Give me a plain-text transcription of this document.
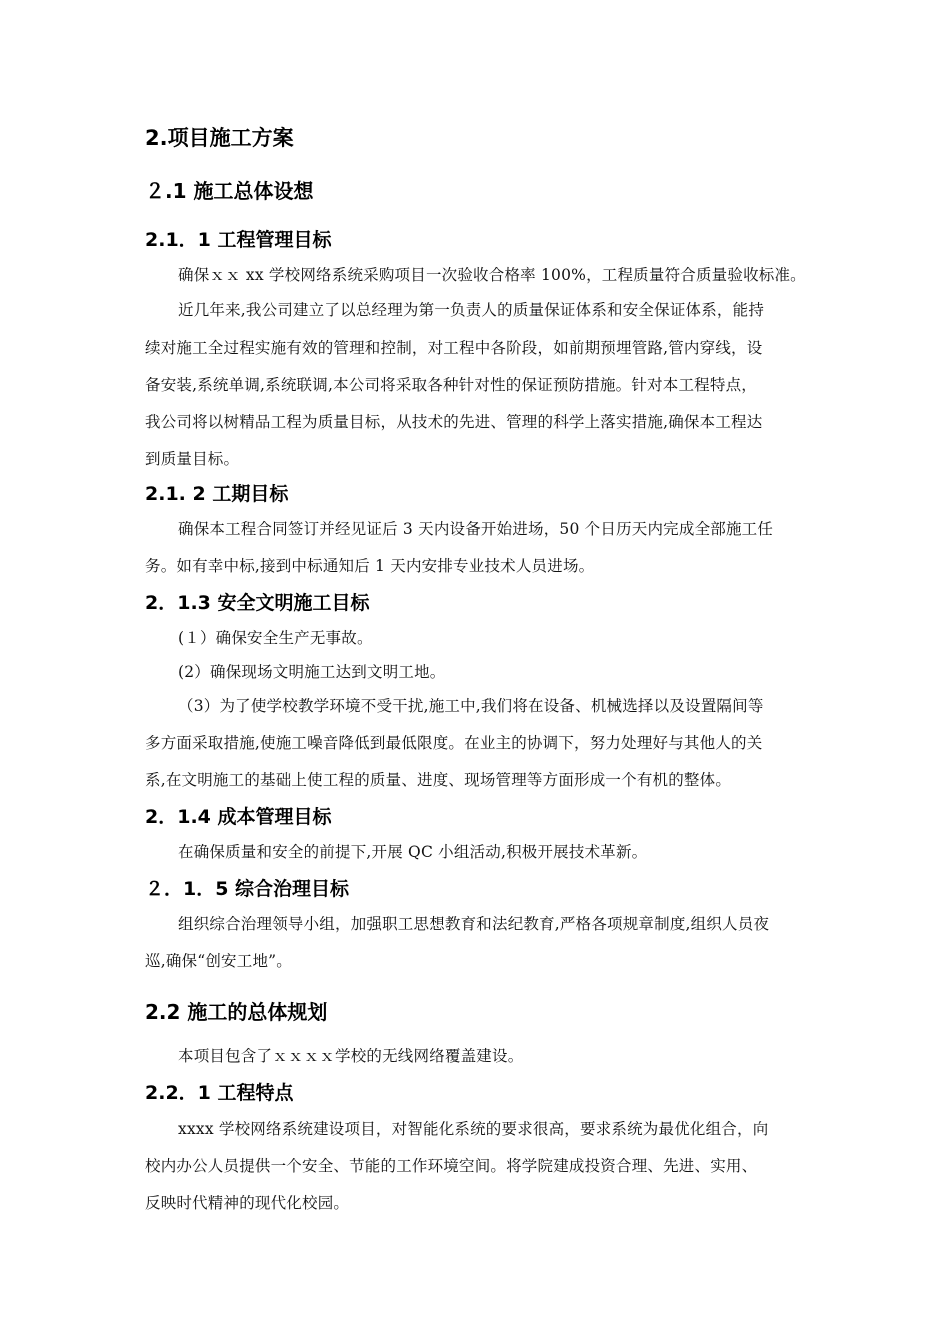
2.项目施工方案
２.1 施工总体设想
2.1．1 工程管理目标

确保ｘｘ xx 学校网络系统采购项目一次验收合格率 100%，工程质量符合质量验收标准。

近几年来,我公司建立了以总经理为第一负责人的质量保证体系和安全保证体系，能持

续对施工全过程实施有效的管理和控制，对工程中各阶段，如前期预埋管路,管内穿线，设

备安装,系统单调,系统联调,本公司将采取各种针对性的保证预防措施。针对本工程特点，

我公司将以树精品工程为质量目标，从技术的先进、管理的科学上落实措施,确保本工程达

到质量目标。

2.1. 2 工期目标

确保本工程合同签订并经见证后 3 天内设备开始进场，50 个日历天内完成全部施工任

务。如有幸中标,接到中标通知后 1 天内安排专业技术人员进场。

2．1.3 安全文明施工目标

(１）确保安全生产无事故。

(2）确保现场文明施工达到文明工地。

（3）为了使学校教学环境不受干扰,施工中,我们将在设备、机械选择以及设置隔间等

多方面采取措施,使施工噪音降低到最低限度。在业主的协调下，努力处理好与其他人的关

系,在文明施工的基础上使工程的质量、进度、现场管理等方面形成一个有机的整体。

2．1.4 成本管理目标

在确保质量和安全的前提下,开展 QC 小组活动,积极开展技术革新。

２．1．5 综合治理目标

组织综合治理领导小组，加强职工思想教育和法纪教育,严格各项规章制度,组织人员夜

巡,确保“创安工地”。

2.2 施工的总体规划

本项目包含了ｘｘｘｘ学校的无线网络覆盖建设。

2.2．1 工程特点

xxxx 学校网络系统建设项目，对智能化系统的要求很高，要求系统为最优化组合，向

校内办公人员提供一个安全、节能的工作环境空间。将学院建成投资合理、先进、实用、

反映时代精神的现代化校园。
